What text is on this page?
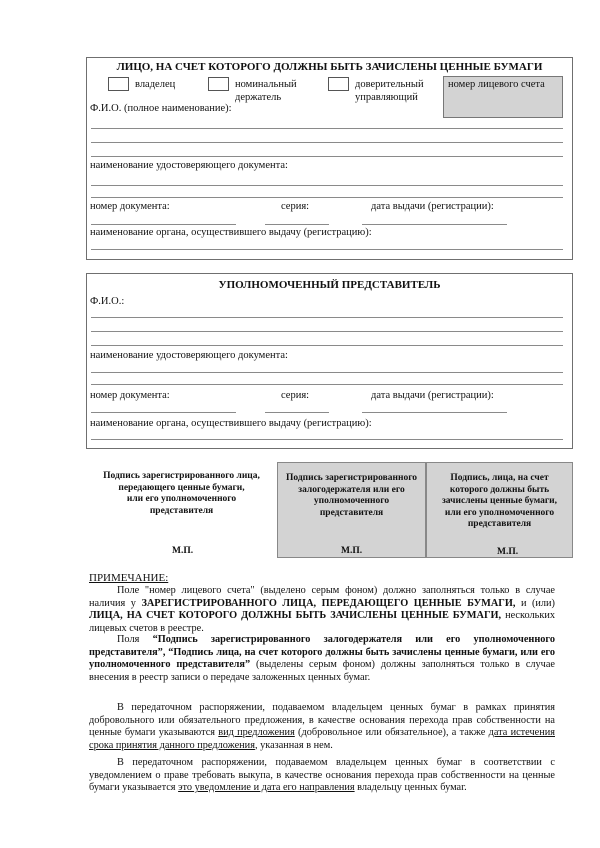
ЛИЦО, НА СЧЕТ КОТОРОГО ДОЛЖНЫ БЫТЬ ЗАЧИСЛЕНЫ ЦЕННЫЕ БУМАГИ
владелец	номинальный
держатель
доверительный
управляющий
номер лицевого счета
Ф.И.О. (полное наименование):
наименование удостоверяющего документа:
номер документа:	серия:	дата выдачи (регистрации):
наименование органа, осуществившего выдачу (регистрацию):
УПОЛНОМОЧЕННЫЙ ПРЕДСТАВИТЕЛЬ
Ф.И.О.:
наименование удостоверяющего документа:
номер документа:	серия:	дата выдачи (регистрации):
наименование органа, осуществившего выдачу (регистрацию):
Подпись зарегистрированного лица,
передающего ценные бумаги,
или его уполномоченного
представителя
М.П.
Подпись зарегистрированного
залогодержателя или его
уполномоченного
представителя
М.П.
Подпись, лица, на счет
которого должны быть
зачислены ценные бумаги,
или его уполномоченного
представителя
М.П.
ПРИМЕЧАНИЕ:

Поле "номер лицевого счета" (выделено серым фоном) должно заполняться только в случае наличия у ЗАРЕГИСТРИРОВАННОГО ЛИЦА, ПЕРЕДАЮЩЕГО ЦЕННЫЕ БУМАГИ, и (или) ЛИЦА, НА СЧЕТ КОТОРОГО ДОЛЖНЫ БЫТЬ ЗАЧИСЛЕНЫ ЦЕННЫЕ БУМАГИ, нескольких лицевых счетов в реестре.

Поля “Подпись зарегистрированного залогодержателя или его уполномоченного представителя”, “Подпись лица, на счет которого должны быть зачислены ценные бумаги, или его уполномоченного представителя” (выделены серым фоном) должны заполняться только в случае внесения в реестр записи о передаче заложенных ценных бумаг.

В передаточном распоряжении, подаваемом владельцем ценных бумаг в рамках принятия добровольного или обязательного предложения, в качестве основания перехода прав собственности на ценные бумаги указываются вид предложения (добровольное или обязательное), а также дата истечения срока принятия данного предложения, указанная в нем.

В передаточном распоряжении, подаваемом владельцем ценных бумаг в соответствии с уведомлением о праве требовать выкупа, в качестве основания перехода прав собственности на ценные бумаги указывается это уведомление и дата его направления владельцу ценных бумаг.
